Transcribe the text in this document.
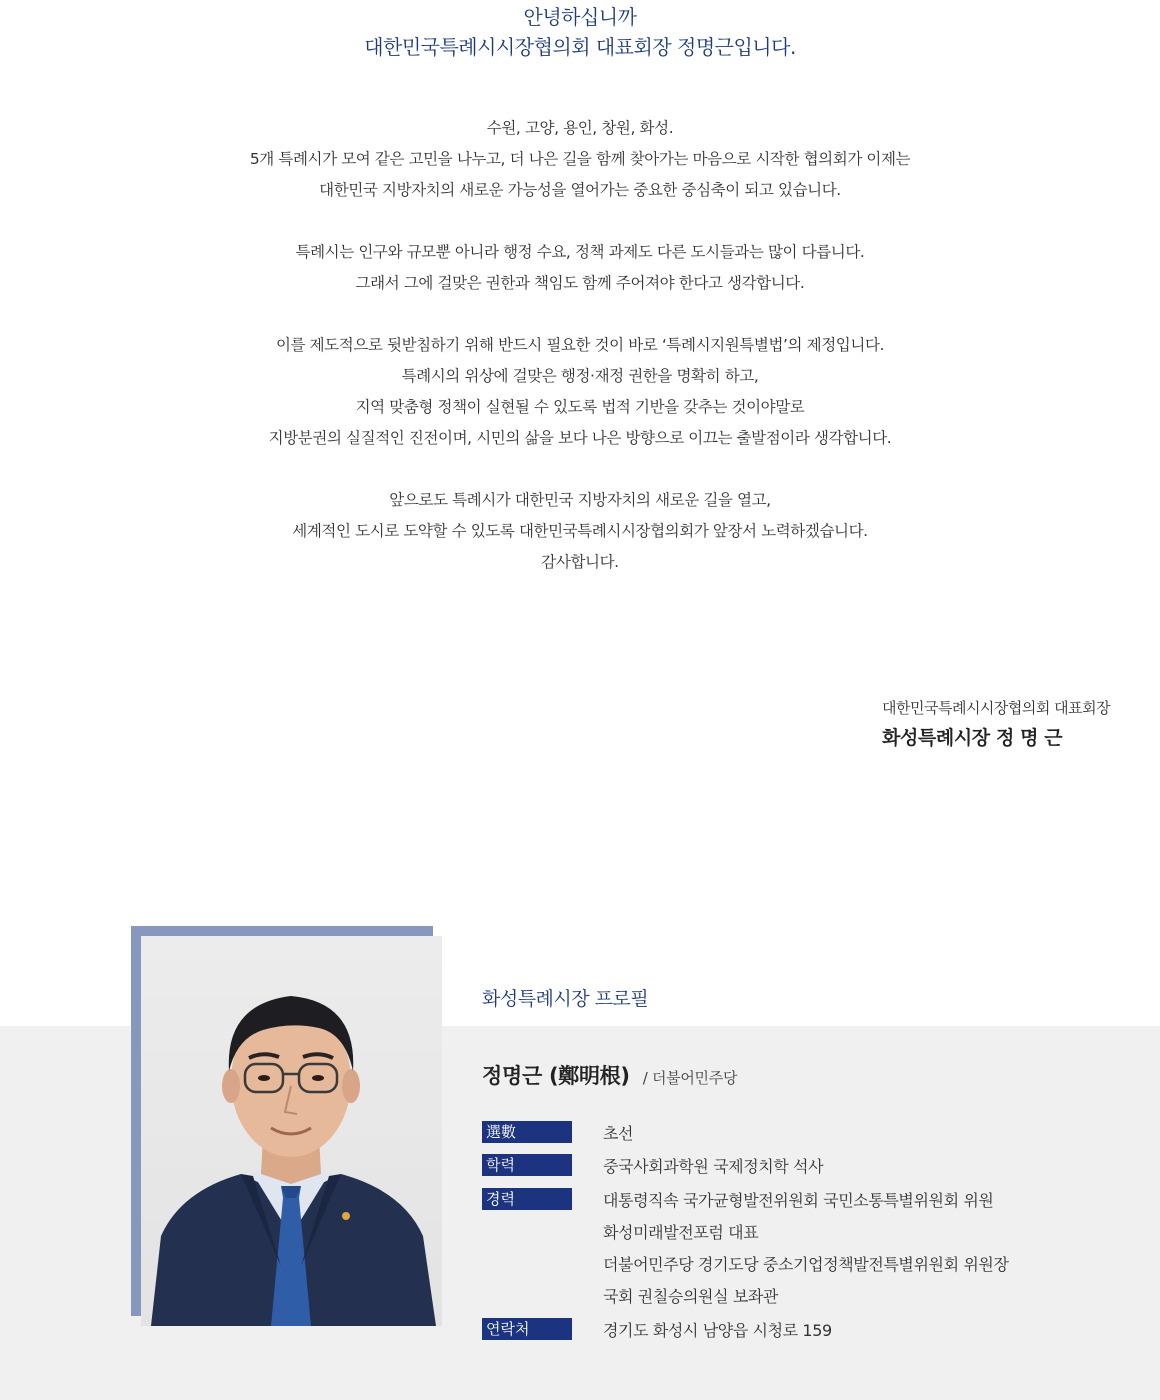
안녕하십니까
대한민국특례시시장협의회 대표회장 정명근입니다.
수원, 고양, 용인, 창원, 화성.
5개 특례시가 모여 같은 고민을 나누고, 더 나은 길을 함께 찾아가는 마음으로 시작한 협의회가 이제는
대한민국 지방자치의 새로운 가능성을 열어가는 중요한 중심축이 되고 있습니다.
특례시는 인구와 규모뿐 아니라 행정 수요, 정책 과제도 다른 도시들과는 많이 다릅니다.
그래서 그에 걸맞은 권한과 책임도 함께 주어져야 한다고 생각합니다.
이를 제도적으로 뒷받침하기 위해 반드시 필요한 것이 바로 ‘특례시지원특별법’의 제정입니다.
특례시의 위상에 걸맞은 행정·재정 권한을 명확히 하고,
지역 맞춤형 정책이 실현될 수 있도록 법적 기반을 갖추는 것이야말로
지방분권의 실질적인 진전이며, 시민의 삶을 보다 나은 방향으로 이끄는 출발점이라 생각합니다.
앞으로도 특례시가 대한민국 지방자치의 새로운 길을 열고,
세계적인 도시로 도약할 수 있도록 대한민국특례시시장협의회가 앞장서 노력하겠습니다.
감사합니다.
대한민국특례시시장협의회 대표회장
화성특례시장 정 명 근
화성특례시장 프로필
정명근 (鄭明根) / 더불어민주당
選數	초선
학력	중국사회과학원 국제정치학 석사
경력	대통령직속 국가균형발전위원회 국민소통특별위원회 위원
화성미래발전포럼 대표
더불어민주당 경기도당 중소기업정책발전특별위원회 위원장
국회 권칠승의원실 보좌관
연락처	경기도 화성시 남양읍 시청로 159
